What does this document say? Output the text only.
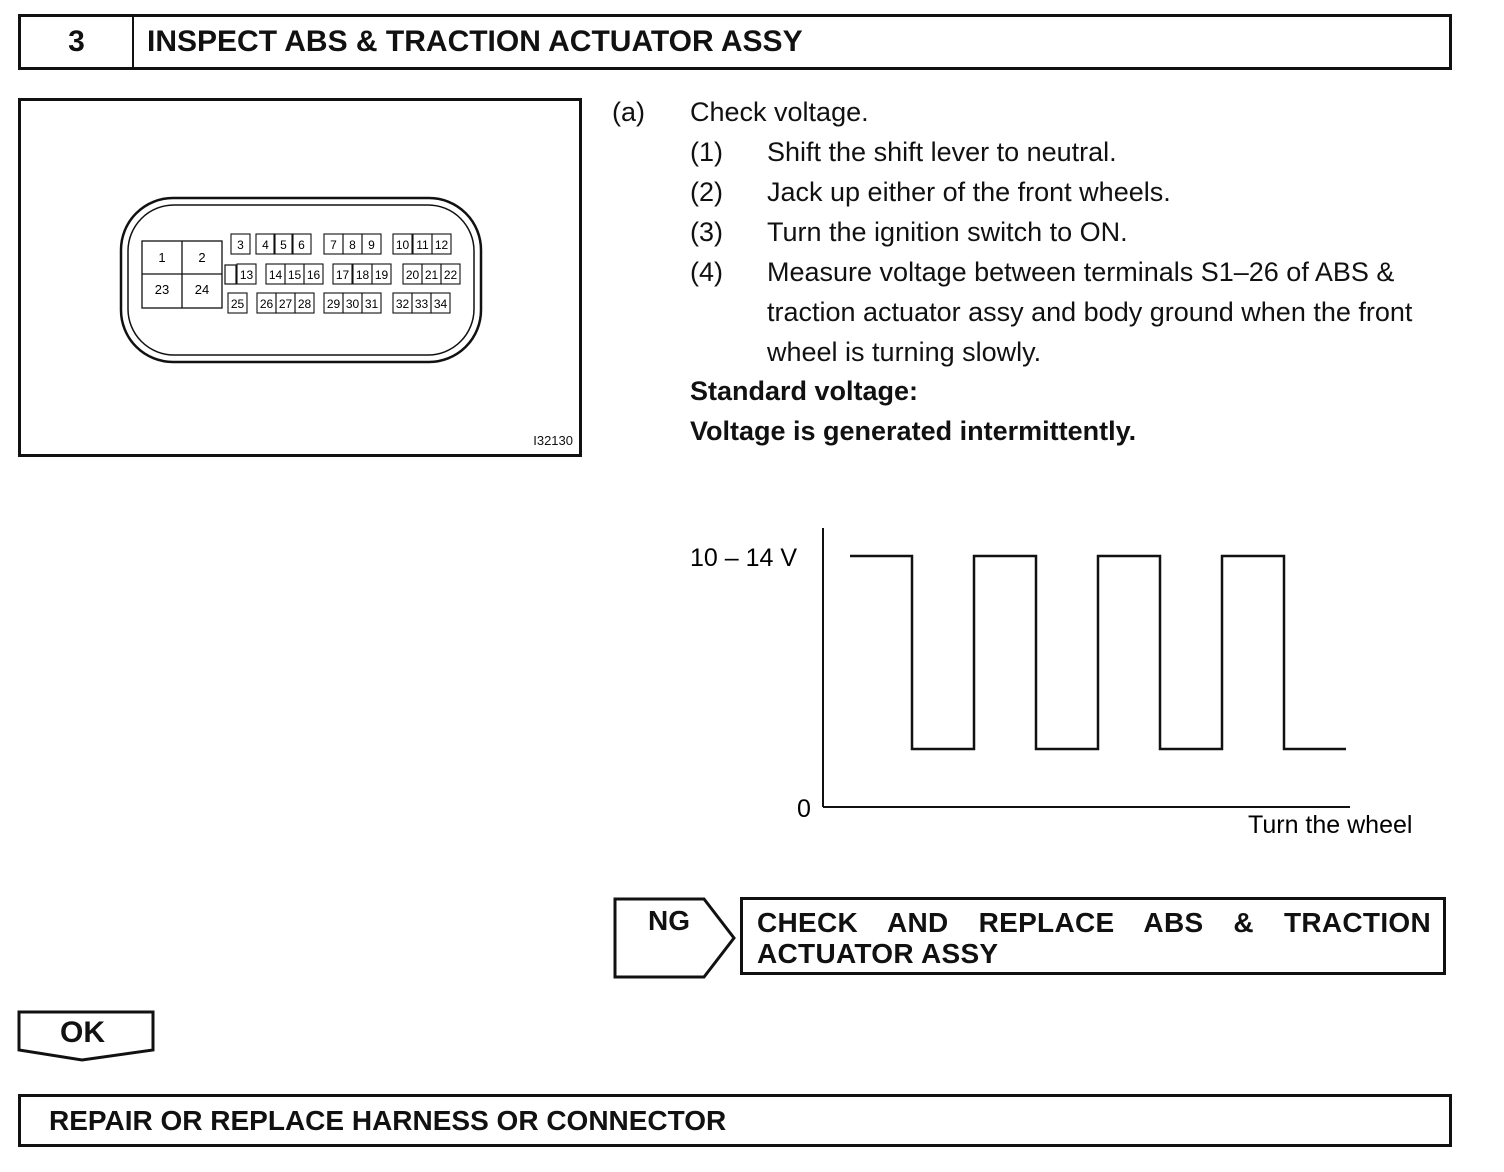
3	INSPECT ABS & TRACTION ACTUATOR ASSY
1	2
23 24
3 4 5 6 7 8 9 10 11 12
13 14 15 16 17 18 19 20 21 22
25 26 27 28 29 30 31 32 33 34
I32130
(a) Check voltage.
(1) Shift the shift lever to neutral.
(2) Jack up either of the front wheels.
(3) Turn the ignition switch to ON.
(4) Measure voltage between terminals S1–26 of ABS & traction actuator assy and body ground when the front wheel is turning slowly.
Standard voltage:
Voltage is generated intermittently.
10 – 14 V
0
Turn the wheel
NG CHECK AND REPLACE ABS & TRACTION ACTUATOR ASSY
OK
REPAIR OR REPLACE HARNESS OR CONNECTOR
